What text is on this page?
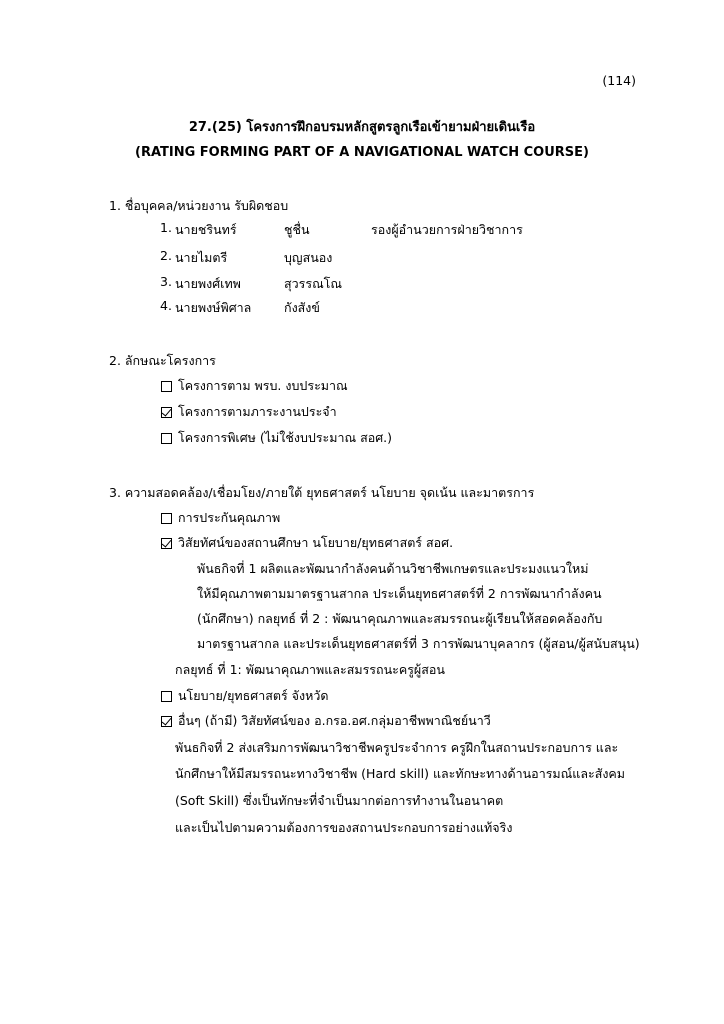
(114)
27.(25) โครงการฝึกอบรมหลักสูตรลูกเรือเข้ายามฝ่ายเดินเรือ
(RATING FORMING PART OF A NAVIGATIONAL WATCH COURSE)
1. ชื่อบุคคล/หน่วยงาน รับผิดชอบ
1. นายชรินทร์	ชูชื่น	รองผู้อำนวยการฝ่ายวิชาการ
2. นายไมตรี	บุญสนอง
3. นายพงศ์เทพ	สุวรรณโณ
4. นายพงษ์พิศาล	กังสังข์
2. ลักษณะโครงการ
โครงการตาม พรบ. งบประมาณ
โครงการตามภาระงานประจำ
โครงการพิเศษ (ไม่ใช้งบประมาณ สอศ.)
3. ความสอดคล้อง/เชื่อมโยง/ภายใต้ ยุทธศาสตร์ นโยบาย จุดเน้น และมาตรการ
การประกันคุณภาพ
วิสัยทัศน์ของสถานศึกษา นโยบาย/ยุทธศาสตร์ สอศ.
พันธกิจที่ 1 ผลิตและพัฒนากำลังคนด้านวิชาชีพเกษตรและประมงแนวใหม่
ให้มีคุณภาพตามมาตรฐานสากล ประเด็นยุทธศาสตร์ที่ 2 การพัฒนากำลังคน
(นักศึกษา) กลยุทธ์ ที่ 2 : พัฒนาคุณภาพและสมรรถนะผู้เรียนให้สอดคล้องกับ
มาตรฐานสากล และประเด็นยุทธศาสตร์ที่ 3 การพัฒนาบุคลากร (ผู้สอน/ผู้สนับสนุน)
กลยุทธ์ ที่ 1: พัฒนาคุณภาพและสมรรถนะครูผู้สอน
นโยบาย/ยุทธศาสตร์ จังหวัด
อื่นๆ (ถ้ามี) วิสัยทัศน์ของ อ.กรอ.อศ.กลุ่มอาชีพพาณิชย์นาวี
พันธกิจที่ 2 ส่งเสริมการพัฒนาวิชาชีพครูประจำการ ครูฝึกในสถานประกอบการ และ
นักศึกษาให้มีสมรรถนะทางวิชาชีพ (Hard skill) และทักษะทางด้านอารมณ์และสังคม
(Soft Skill) ซึ่งเป็นทักษะที่จำเป็นมากต่อการทำงานในอนาคต
และเป็นไปตามความต้องการของสถานประกอบการอย่างแท้จริง
